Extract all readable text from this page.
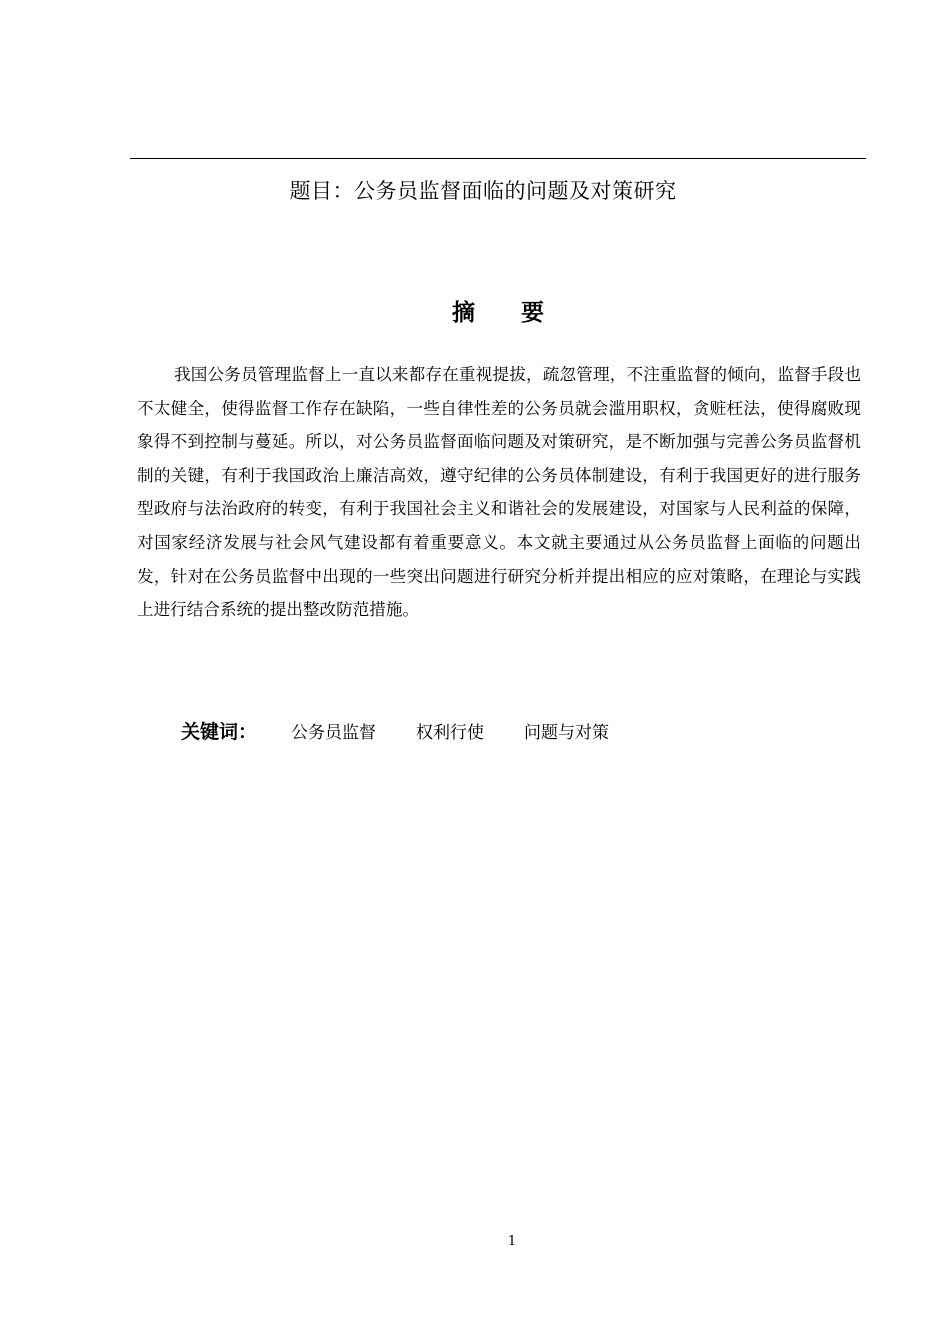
题目：公务员监督面临的问题及对策研究
摘 要

我国公务员管理监督上一直以来都存在重视提拔，疏忽管理，不注重监督的倾向，监督手段也不太健全，使得监督工作存在缺陷，一些自律性差的公务员就会滥用职权，贪赃枉法，使得腐败现象得不到控制与蔓延。所以，对公务员监督面临问题及对策研究，是不断加强与完善公务员监督机制的关键，有利于我国政治上廉洁高效，遵守纪律的公务员体制建设，有利于我国更好的进行服务型政府与法治政府的转变，有利于我国社会主义和谐社会的发展建设，对国家与人民利益的保障，对国家经济发展与社会风气建设都有着重要意义。本文就主要通过从公务员监督上面临的问题出发，针对在公务员监督中出现的一些突出问题进行研究分析并提出相应的应对策略，在理论与实践上进行结合系统的提出整改防范措施。

关键词： 公务员监督 权利行使 问题与对策
1
